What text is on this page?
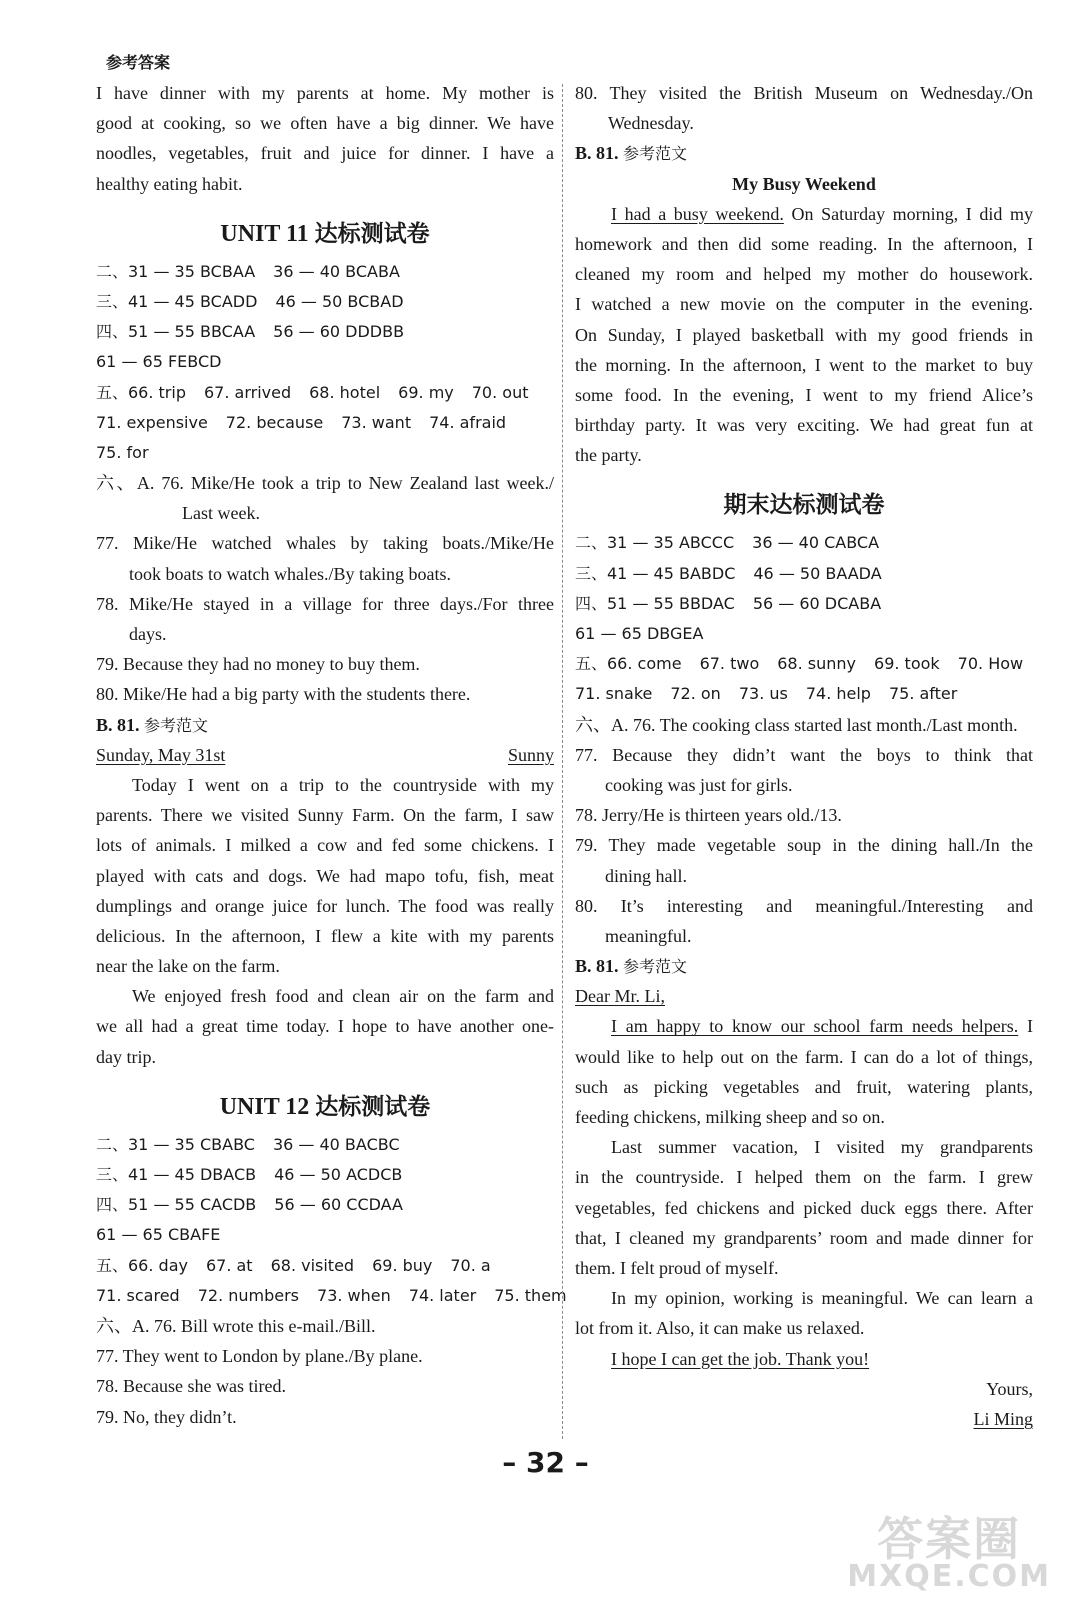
参考答案
I have dinner with my parents at home. My mother is
good at cooking, so we often have a big dinner. We have
noodles, vegetables, fruit and juice for dinner. I have a
healthy eating habit.
UNIT 11 达标测试卷
二、31 — 35 BCBAA 36 — 40 BCABA
三、41 — 45 BCADD 46 — 50 BCBAD
四、51 — 55 BBCAA 56 — 60 DDDBB
61 — 65 FEBCD
五、66. trip 67. arrived 68. hotel 69. my 70. out
71. expensive 72. because 73. want 74. afraid
75. for
六、A. 76. Mike/He took a trip to New Zealand last week./
Last week.
77. Mike/He watched whales by taking boats./Mike/He
took boats to watch whales./By taking boats.
78. Mike/He stayed in a village for three days./For three
days.
79. Because they had no money to buy them.
80. Mike/He had a big party with the students there.
B. 81. 参考范文
Sunday, May 31st	Sunny
Today I went on a trip to the countryside with my
parents. There we visited Sunny Farm. On the farm, I saw
lots of animals. I milked a cow and fed some chickens. I
played with cats and dogs. We had mapo tofu, fish, meat
dumplings and orange juice for lunch. The food was really
delicious. In the afternoon, I flew a kite with my parents
near the lake on the farm.
We enjoyed fresh food and clean air on the farm and
we all had a great time today. I hope to have another one-
day trip.
UNIT 12 达标测试卷
二、31 — 35 CBABC 36 — 40 BACBC
三、41 — 45 DBACB 46 — 50 ACDCB
四、51 — 55 CACDB 56 — 60 CCDAA
61 — 65 CBAFE
五、66. day 67. at 68. visited 69. buy 70. a
71. scared 72. numbers 73. when 74. later 75. them
六、A. 76. Bill wrote this e-mail./Bill.
77. They went to London by plane./By plane.
78. Because she was tired.
79. No, they didn’t.
80. They visited the British Museum on Wednesday./On
Wednesday.
B. 81. 参考范文
My Busy Weekend
I had a busy weekend. On Saturday morning, I did my
homework and then did some reading. In the afternoon, I
cleaned my room and helped my mother do housework.
I watched a new movie on the computer in the evening.
On Sunday, I played basketball with my good friends in
the morning. In the afternoon, I went to the market to buy
some food. In the evening, I went to my friend Alice’s
birthday party. It was very exciting. We had great fun at
the party.
期末达标测试卷
二、31 — 35 ABCCC 36 — 40 CABCA
三、41 — 45 BABDC 46 — 50 BAADA
四、51 — 55 BBDAC 56 — 60 DCABA
61 — 65 DBGEA
五、66. come 67. two 68. sunny 69. took 70. How
71. snake 72. on 73. us 74. help 75. after
六、A. 76. The cooking class started last month./Last month.
77. Because they didn’t want the boys to think that
cooking was just for girls.
78. Jerry/He is thirteen years old./13.
79. They made vegetable soup in the dining hall./In the
dining hall.
80. It’s interesting and meaningful./Interesting and
meaningful.
B. 81. 参考范文
Dear Mr. Li,
I am happy to know our school farm needs helpers. I
would like to help out on the farm. I can do a lot of things,
such as picking vegetables and fruit, watering plants,
feeding chickens, milking sheep and so on.
Last summer vacation, I visited my grandparents
in the countryside. I helped them on the farm. I grew
vegetables, fed chickens and picked duck eggs there. After
that, I cleaned my grandparents’ room and made dinner for
them. I felt proud of myself.
In my opinion, working is meaningful. We can learn a
lot from it. Also, it can make us relaxed.
I hope I can get the job. Thank you!
Yours,
Li Ming
– 32 –
答案圈
MXQE.COM
